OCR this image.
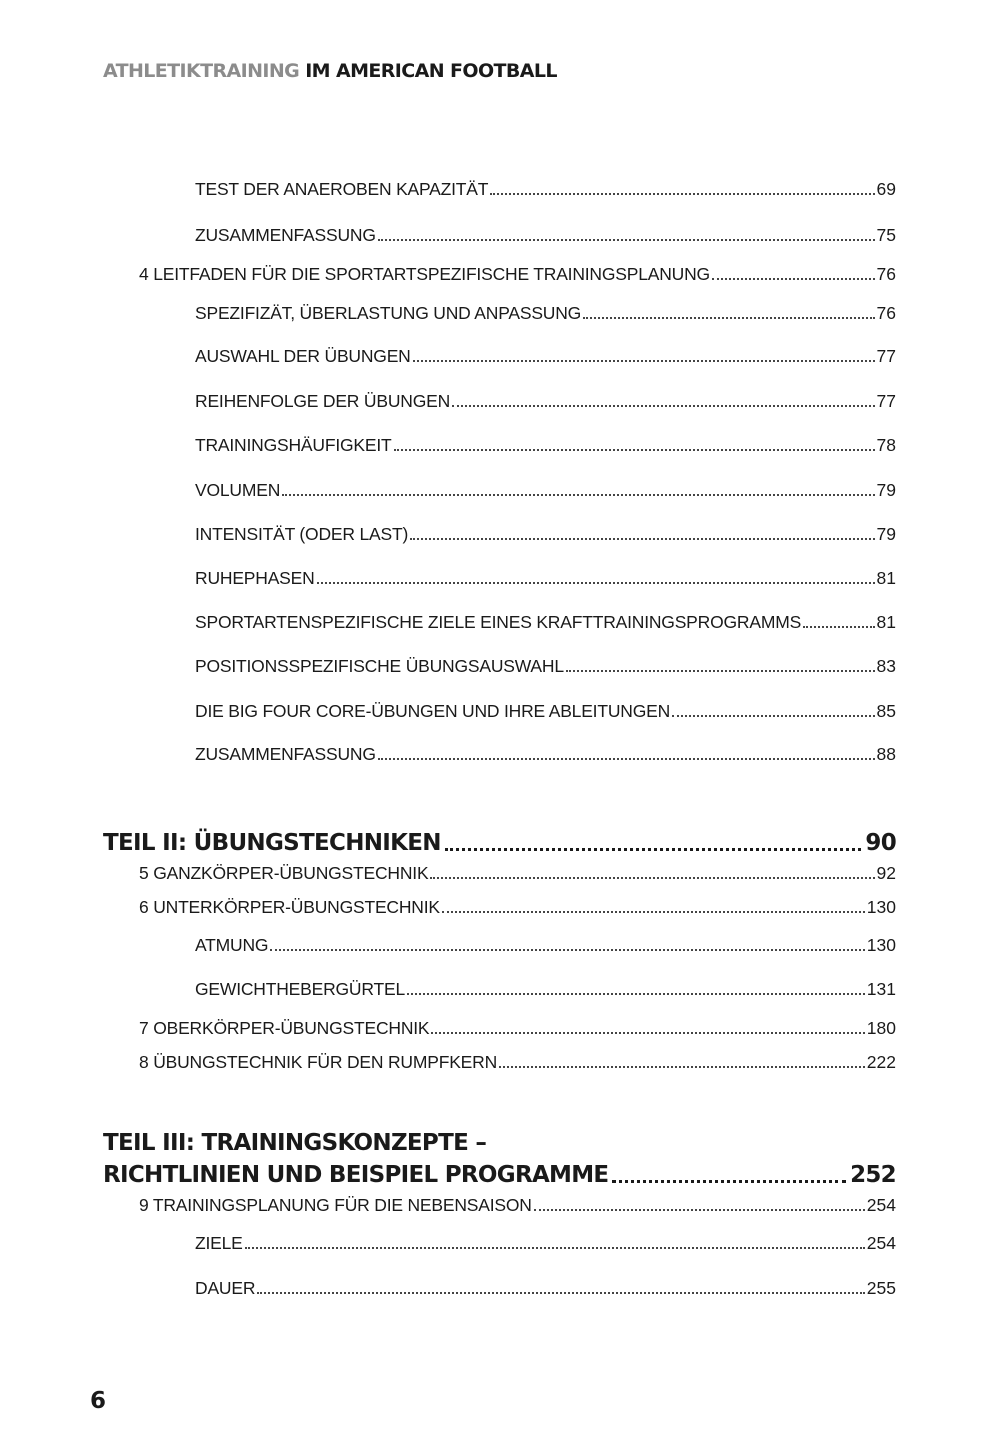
ATHLETIKTRAINING IM AMERICAN FOOTBALL
TEST DER ANAEROBEN KAPAZITÄT	69
ZUSAMMENFASSUNG	75
4 LEITFADEN FÜR DIE SPORTARTSPEZIFISCHE TRAININGSPLANUNG	76
SPEZIFIZÄT, ÜBERLASTUNG UND ANPASSUNG	76
AUSWAHL DER ÜBUNGEN	77
REIHENFOLGE DER ÜBUNGEN	77
TRAININGSHÄUFIGKEIT	78
VOLUMEN	79
INTENSITÄT (ODER LAST)	79
RUHEPHASEN	81
SPORTARTENSPEZIFISCHE ZIELE EINES KRAFTTRAININGSPROGRAMMS	81
POSITIONSSPEZIFISCHE ÜBUNGSAUSWAHL	83
DIE BIG FOUR CORE-ÜBUNGEN UND IHRE ABLEITUNGEN	85
ZUSAMMENFASSUNG	88
TEIL II: ÜBUNGSTECHNIKEN	90
5 GANZKÖRPER-ÜBUNGSTECHNIK	92
6 UNTERKÖRPER-ÜBUNGSTECHNIK	130
ATMUNG	130
GEWICHTHEBERGÜRTEL	131
7 OBERKÖRPER-ÜBUNGSTECHNIK	180
8 ÜBUNGSTECHNIK FÜR DEN RUMPFKERN	222
TEIL III: TRAININGSKONZEPTE –
RICHTLINIEN UND BEISPIEL PROGRAMME	252
9 TRAININGSPLANUNG FÜR DIE NEBENSAISON	254
ZIELE	254
DAUER	255
6
